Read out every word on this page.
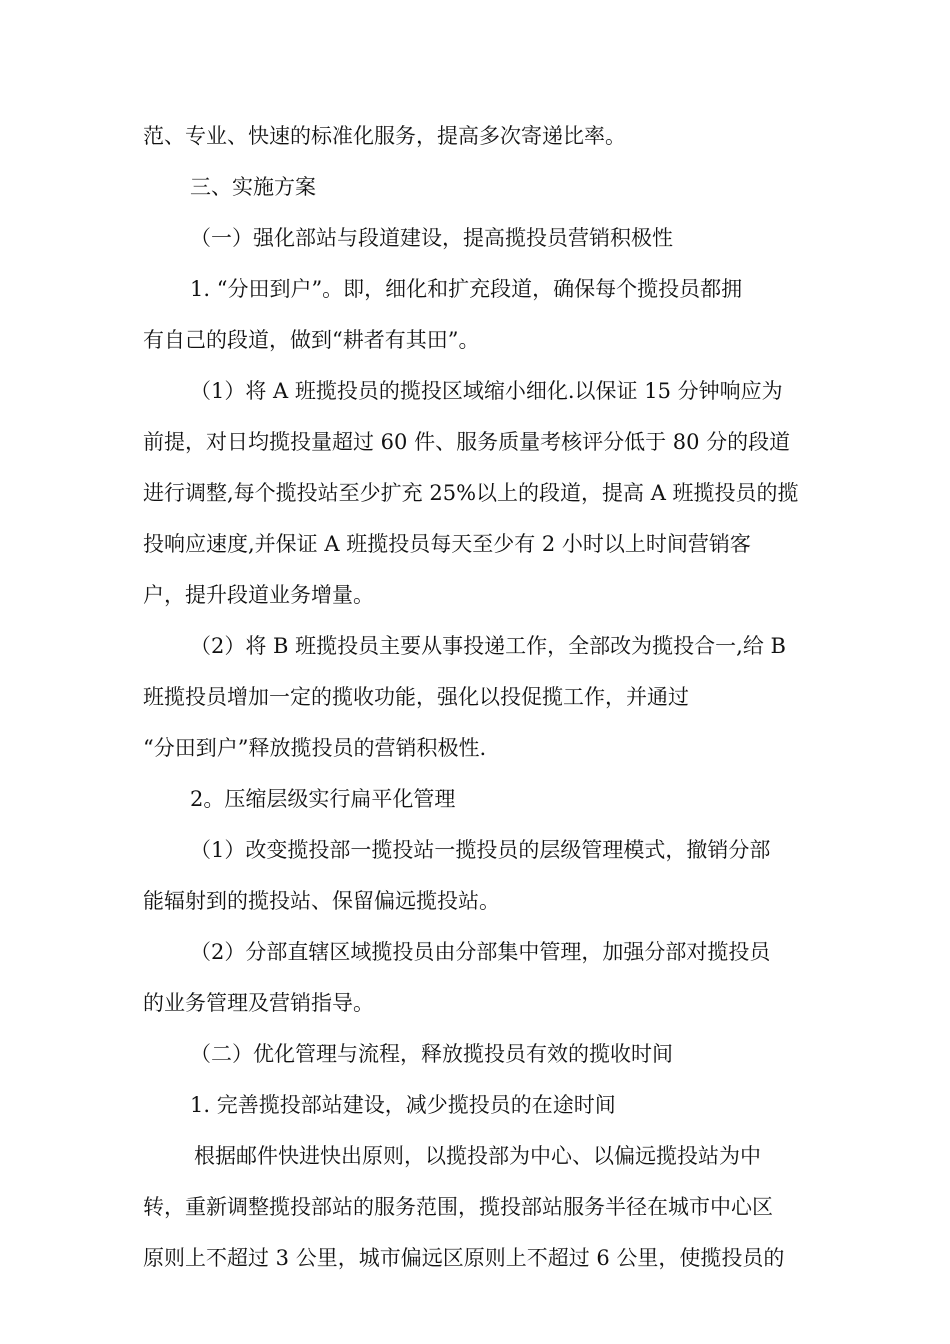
范、专业、快速的标准化服务，提高多次寄递比率。
三、实施方案
（一）强化部站与段道建设，提高揽投员营销积极性
1. “分田到户”。即，细化和扩充段道，确保每个揽投员都拥
有自己的段道，做到“耕者有其田”。
（1）将 A 班揽投员的揽投区域缩小细化.以保证 15 分钟响应为
前提，对日均揽投量超过 60 件、服务质量考核评分低于 80 分的段道
进行调整,每个揽投站至少扩充 25%以上的段道，提高 A 班揽投员的揽
投响应速度,并保证 A 班揽投员每天至少有 2 小时以上时间营销客
户，提升段道业务增量。
（2）将 B 班揽投员主要从事投递工作，全部改为揽投合一,给 B
班揽投员增加一定的揽收功能，强化以投促揽工作，并通过
“分田到户”释放揽投员的营销积极性.
2。压缩层级实行扁平化管理
（1）改变揽投部一揽投站一揽投员的层级管理模式，撤销分部
能辐射到的揽投站、保留偏远揽投站。
（2）分部直辖区域揽投员由分部集中管理，加强分部对揽投员
的业务管理及营销指导。
（二）优化管理与流程，释放揽投员有效的揽收时间
1. 完善揽投部站建设，减少揽投员的在途时间
根据邮件快进快出原则，以揽投部为中心、以偏远揽投站为中
转，重新调整揽投部站的服务范围，揽投部站服务半径在城市中心区
原则上不超过 3 公里，城市偏远区原则上不超过 6 公里，使揽投员的
